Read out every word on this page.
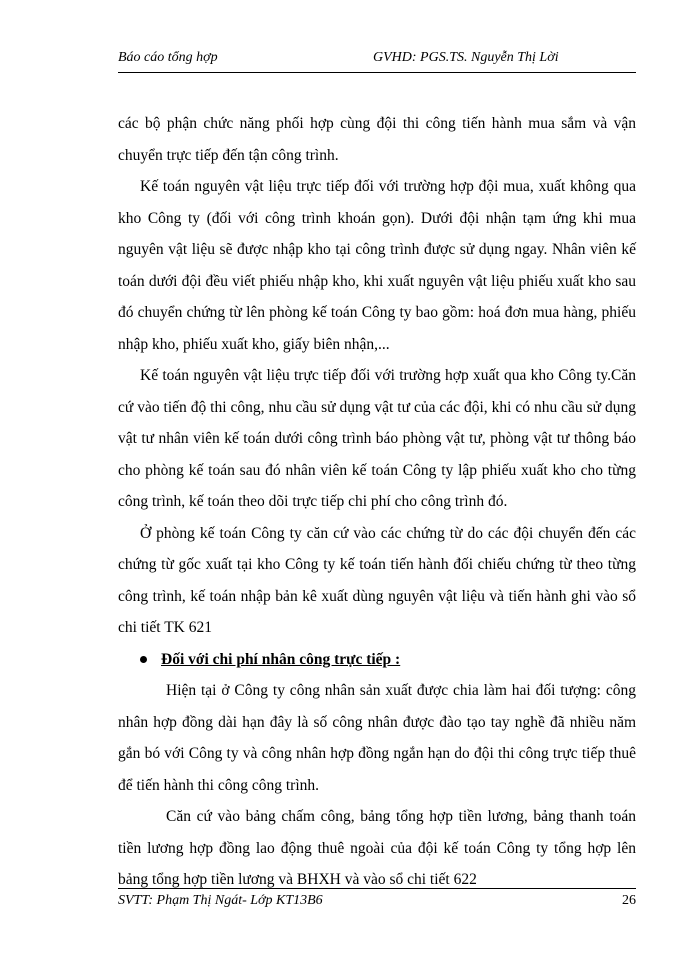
Báo cáo tổng hợp	GVHD: PGS.TS. Nguyễn Thị Lời

các bộ phận chức năng phối hợp cùng đội thi công tiến hành mua sắm và vận chuyển trực tiếp đến tận công trình.

Kế toán nguyên vật liệu trực tiếp đối với trường hợp đội mua, xuất không qua kho Công ty (đối với công trình khoán gọn). Dưới đội nhận tạm ứng khi mua nguyên vật liệu sẽ được nhập kho tại công trình được sử dụng ngay. Nhân viên kế toán dưới đội đều viết phiếu nhập kho, khi xuất nguyên vật liệu phiếu xuất kho sau đó chuyển chứng từ lên phòng kế toán Công ty bao gồm: hoá đơn mua hàng, phiếu nhập kho, phiếu xuất kho, giấy biên nhận,...

Kế toán nguyên vật liệu trực tiếp đối với trường hợp xuất qua kho Công ty.Căn cứ vào tiến độ thi công, nhu cầu sử dụng vật tư của các đội, khi có nhu cầu sử dụng vật tư nhân viên kế toán dưới công trình báo phòng vật tư, phòng vật tư thông báo cho phòng kế toán sau đó nhân viên kế toán Công ty lập phiếu xuất kho cho từng công trình, kế toán theo dõi trực tiếp chi phí cho công trình đó.

Ở phòng kế toán Công ty căn cứ vào các chứng từ do các đội chuyển đến các chứng từ gốc xuất tại kho Công ty kế toán tiến hành đối chiếu chứng từ theo từng công trình, kế toán nhập bản kê xuất dùng nguyên vật liệu và tiến hành ghi vào sổ chi tiết TK 621

Đối với chi phí nhân công trực tiếp :

Hiện tại ở Công ty công nhân sản xuất được chia làm hai đối tượng: công nhân hợp đồng dài hạn đây là số công nhân được đào tạo tay nghề đã nhiều năm gắn bó với Công ty và công nhân hợp đồng ngắn hạn do đội thi công trực tiếp thuê để tiến hành thi công công trình.

Căn cứ vào bảng chấm công, bảng tổng hợp tiền lương, bảng thanh toán tiền lương hợp đồng lao động thuê ngoài của đội kế toán Công ty tổng hợp lên bảng tổng hợp tiền lương và BHXH và vào sổ chi tiết 622

SVTT: Phạm Thị Ngát- Lớp KT13B6	26
